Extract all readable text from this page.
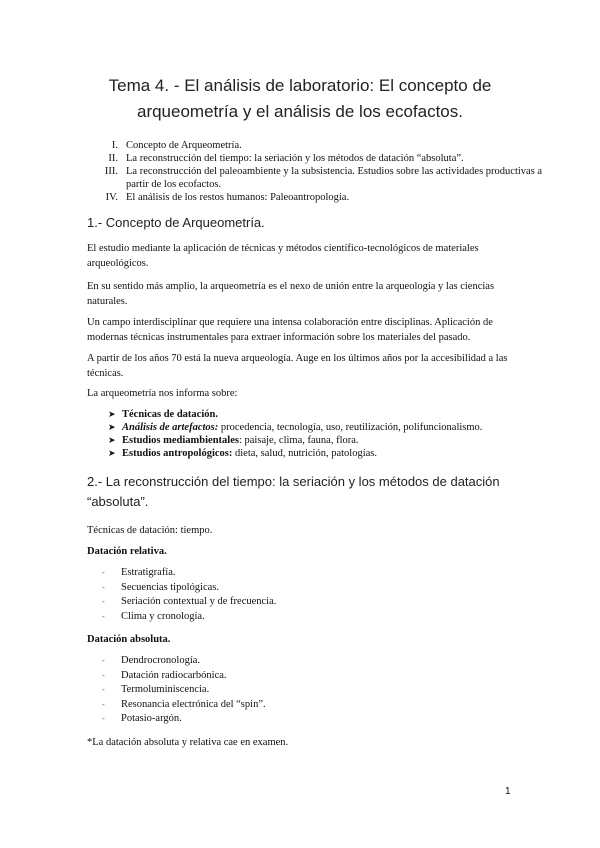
Tema 4. - El análisis de laboratorio: El concepto de
arqueometría y el análisis de los ecofactos.
I. Concepto de Arqueometría.
II. La reconstrucción del tiempo: la seriación y los métodos de datación “absoluta”.
III. La reconstrucción del paleoambiente y la subsistencia. Estudios sobre las actividades productivas a partir de los ecofactos.
IV. El análisis de los restos humanos: Paleoantropología.
1.- Concepto de Arqueometría.

El estudio mediante la aplicación de técnicas y métodos científico-tecnológicos de materiales arqueológicos.

En su sentido más amplio, la arqueometría es el nexo de unión entre la arqueología y las ciencias naturales.

Un campo interdisciplinar que requiere una intensa colaboración entre disciplinas. Aplicación de modernas técnicas instrumentales para extraer información sobre los materiales del pasado.

A partir de los años 70 está la nueva arqueología. Auge en los últimos años por la accesibilidad a las técnicas.

La arqueometría nos informa sobre:

➤ Técnicas de datación.
➤ Análisis de artefactos: procedencia, tecnología, uso, reutilización, polifuncionalismo.
➤ Estudios mediambientales: paisaje, clima, fauna, flora.
➤ Estudios antropológicos: dieta, salud, nutrición, patologías.
2.- La reconstrucción del tiempo: la seriación y los métodos de datación
“absoluta”.

Técnicas de datación: tiempo.

Datación relativa.

- Estratigrafía.
- Secuencias tipológicas.
- Seriación contextual y de frecuencia.
- Clima y cronología.

Datación absoluta.

- Dendrocronología.
- Datación radiocarbónica.
- Termoluminiscencia.
- Resonancia electrónica del “spin”.
- Potasio-argón.

*La datación absoluta y relativa cae en examen.

1
